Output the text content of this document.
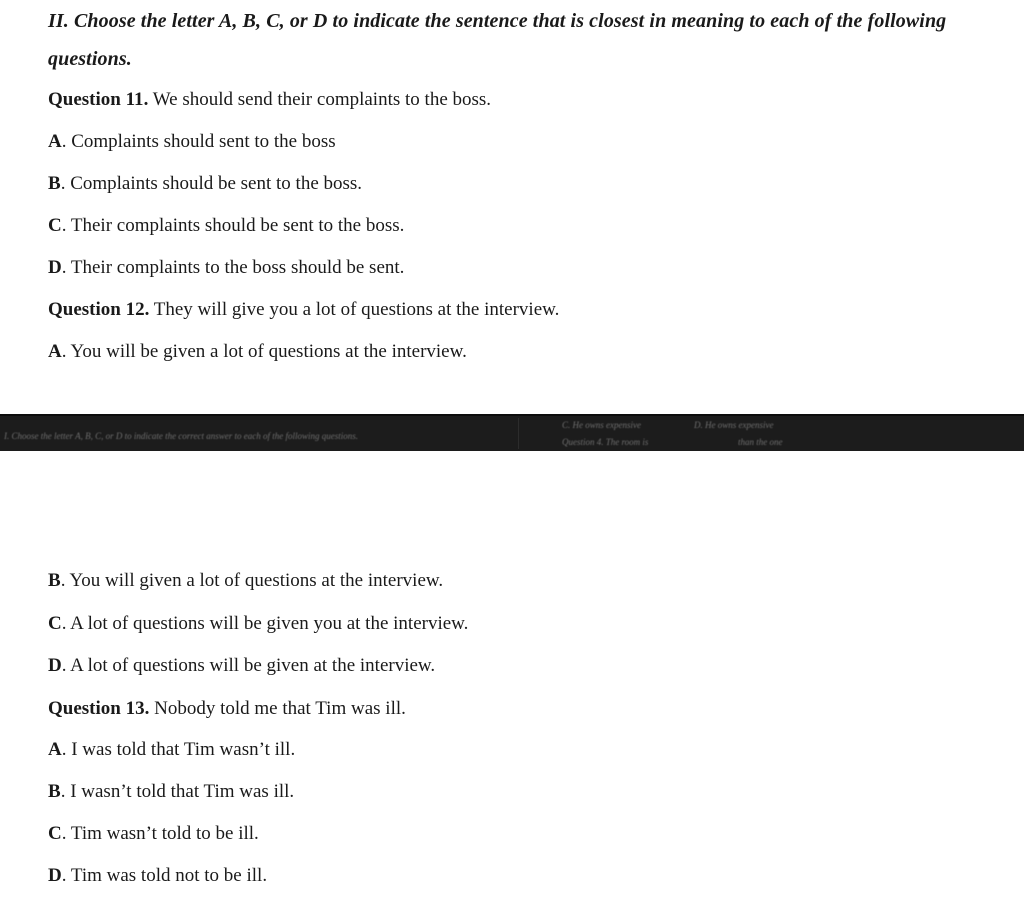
II. Choose the letter A, B, C, or D to indicate the sentence that is closest in meaning to each of the following questions.
Question 11. We should send their complaints to the boss.
A. Complaints should sent to the boss
B. Complaints should be sent to the boss.
C. Their complaints should be sent to the boss.
D. Their complaints to the boss should be sent.
Question 12. They will give you a lot of questions at the interview.
A. You will be given a lot of questions at the interview.
I. Choose the letter A, B, C, or D to indicate the correct answer to each of the following questions.
C. He owns expensive
Question 4. The room is
D. He owns expensive
than the one
B. You will given a lot of questions at the interview.
C. A lot of questions will be given you at the interview.
D. A lot of questions will be given at the interview.
Question 13. Nobody told me that Tim was ill.
A. I was told that Tim wasn’t ill.
B. I wasn’t told that Tim was ill.
C. Tim wasn’t told to be ill.
D. Tim was told not to be ill.
